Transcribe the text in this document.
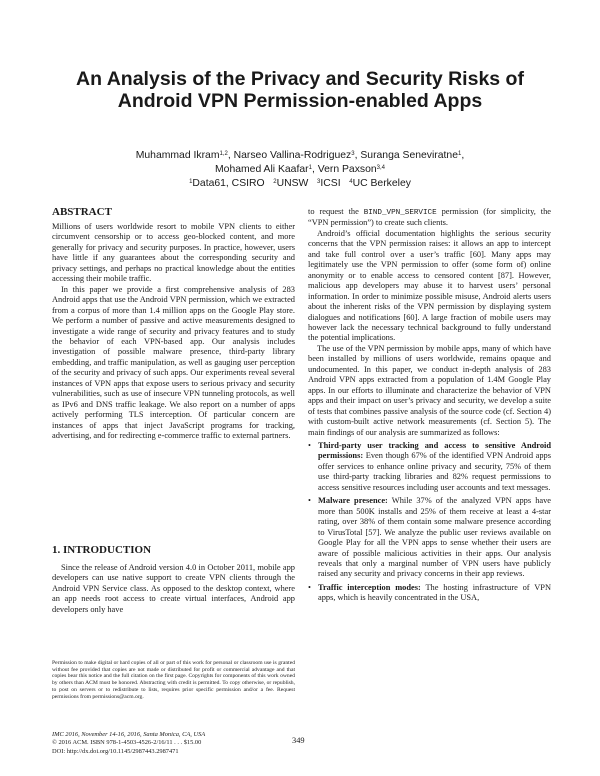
An Analysis of the Privacy and Security Risks of
Android VPN Permission-enabled Apps
Muhammad Ikram$^{1,2}$, Narseo Vallina-Rodriguez$^3$, Suranga Seneviratne$^1$,
Mohamed Ali Kaafar$^1$, Vern Paxson$^{3,4}$
$^1$Data61, CSIRO $^2$UNSW $^3$ICSI $^4$UC Berkeley
ABSTRACT

Millions of users worldwide resort to mobile VPN clients to either circumvent censorship or to access geo-blocked content, and more generally for privacy and security purposes. In practice, however, users have little if any guarantees about the corresponding security and privacy settings, and perhaps no practical knowledge about the entities accessing their mobile traffic.

In this paper we provide a first comprehensive analysis of 283 Android apps that use the Android VPN permission, which we extracted from a corpus of more than 1.4 million apps on the Google Play store. We perform a number of passive and active measurements designed to investigate a wide range of security and privacy features and to study the behavior of each VPN-based app. Our analysis includes investigation of possible malware presence, third-party library embedding, and traffic manipulation, as well as gauging user perception of the security and privacy of such apps. Our experiments reveal several instances of VPN apps that expose users to serious privacy and security vulnerabilities, such as use of insecure VPN tunneling protocols, as well as IPv6 and DNS traffic leakage. We also report on a number of apps actively performing TLS interception. Of particular concern are instances of apps that inject JavaScript programs for tracking, advertising, and for redirecting e-commerce traffic to external partners.

1. INTRODUCTION

Since the release of Android version 4.0 in October 2011, mobile app developers can use native support to create VPN clients through the Android VPN Service class. As opposed to the desktop context, where an app needs root access to create virtual interfaces, Android app developers only have

Permission to make digital or hard copies of all or part of this work for personal or classroom use is granted without fee provided that copies are not made or distributed for profit or commercial advantage and that copies bear this notice and the full citation on the first page. Copyrights for components of this work owned by others than ACM must be honored. Abstracting with credit is permitted. To copy otherwise, or republish, to post on servers or to redistribute to lists, requires prior specific permission and/or a fee. Request permissions from permissions@acm.org.

IMC 2016, November 14-16, 2016, Santa Monica, CA, USA

© 2016 ACM. ISBN 978-1-4503-4526-2/16/11 . . . $15.00

DOI: http://dx.doi.org/10.1145/2987443.2987471

to request the BIND_VPN_SERVICE permission (for simplicity, the “VPN permission”) to create such clients.

Android’s official documentation highlights the serious security concerns that the VPN permission raises: it allows an app to intercept and take full control over a user’s traffic [60]. Many apps may legitimately use the VPN permission to offer (some form of) online anonymity or to enable access to censored content [87]. However, malicious app developers may abuse it to harvest users’ personal information. In order to minimize possible misuse, Android alerts users about the inherent risks of the VPN permission by displaying system dialogues and notifications [60]. A large fraction of mobile users may however lack the necessary technical background to fully understand the potential implications.

The use of the VPN permission by mobile apps, many of which have been installed by millions of users worldwide, remains opaque and undocumented. In this paper, we conduct in-depth analysis of 283 Android VPN apps extracted from a population of 1.4M Google Play apps. In our efforts to illuminate and characterize the behavior of VPN apps and their impact on user’s privacy and security, we develop a suite of tests that combines passive analysis of the source code (cf. Section 4) with custom-built active network measurements (cf. Section 5). The main findings of our analysis are summarized as follows:

• Third-party user tracking and access to sensitive Android permissions: Even though 67% of the identified VPN Android apps offer services to enhance online privacy and security, 75% of them use third-party tracking libraries and 82% request permissions to access sensitive resources including user accounts and text messages.
• Malware presence: While 37% of the analyzed VPN apps have more than 500K installs and 25% of them receive at least a 4-star rating, over 38% of them contain some malware presence according to VirusTotal [57]. We analyze the public user reviews available on Google Play for all the VPN apps to sense whether their users are aware of possible malicious activities in their apps. Our analysis reveals that only a marginal number of VPN users have publicly raised any security and privacy concerns in their app reviews.
• Traffic interception modes: The hosting infrastructure of VPN apps, which is heavily concentrated in the USA,
349
